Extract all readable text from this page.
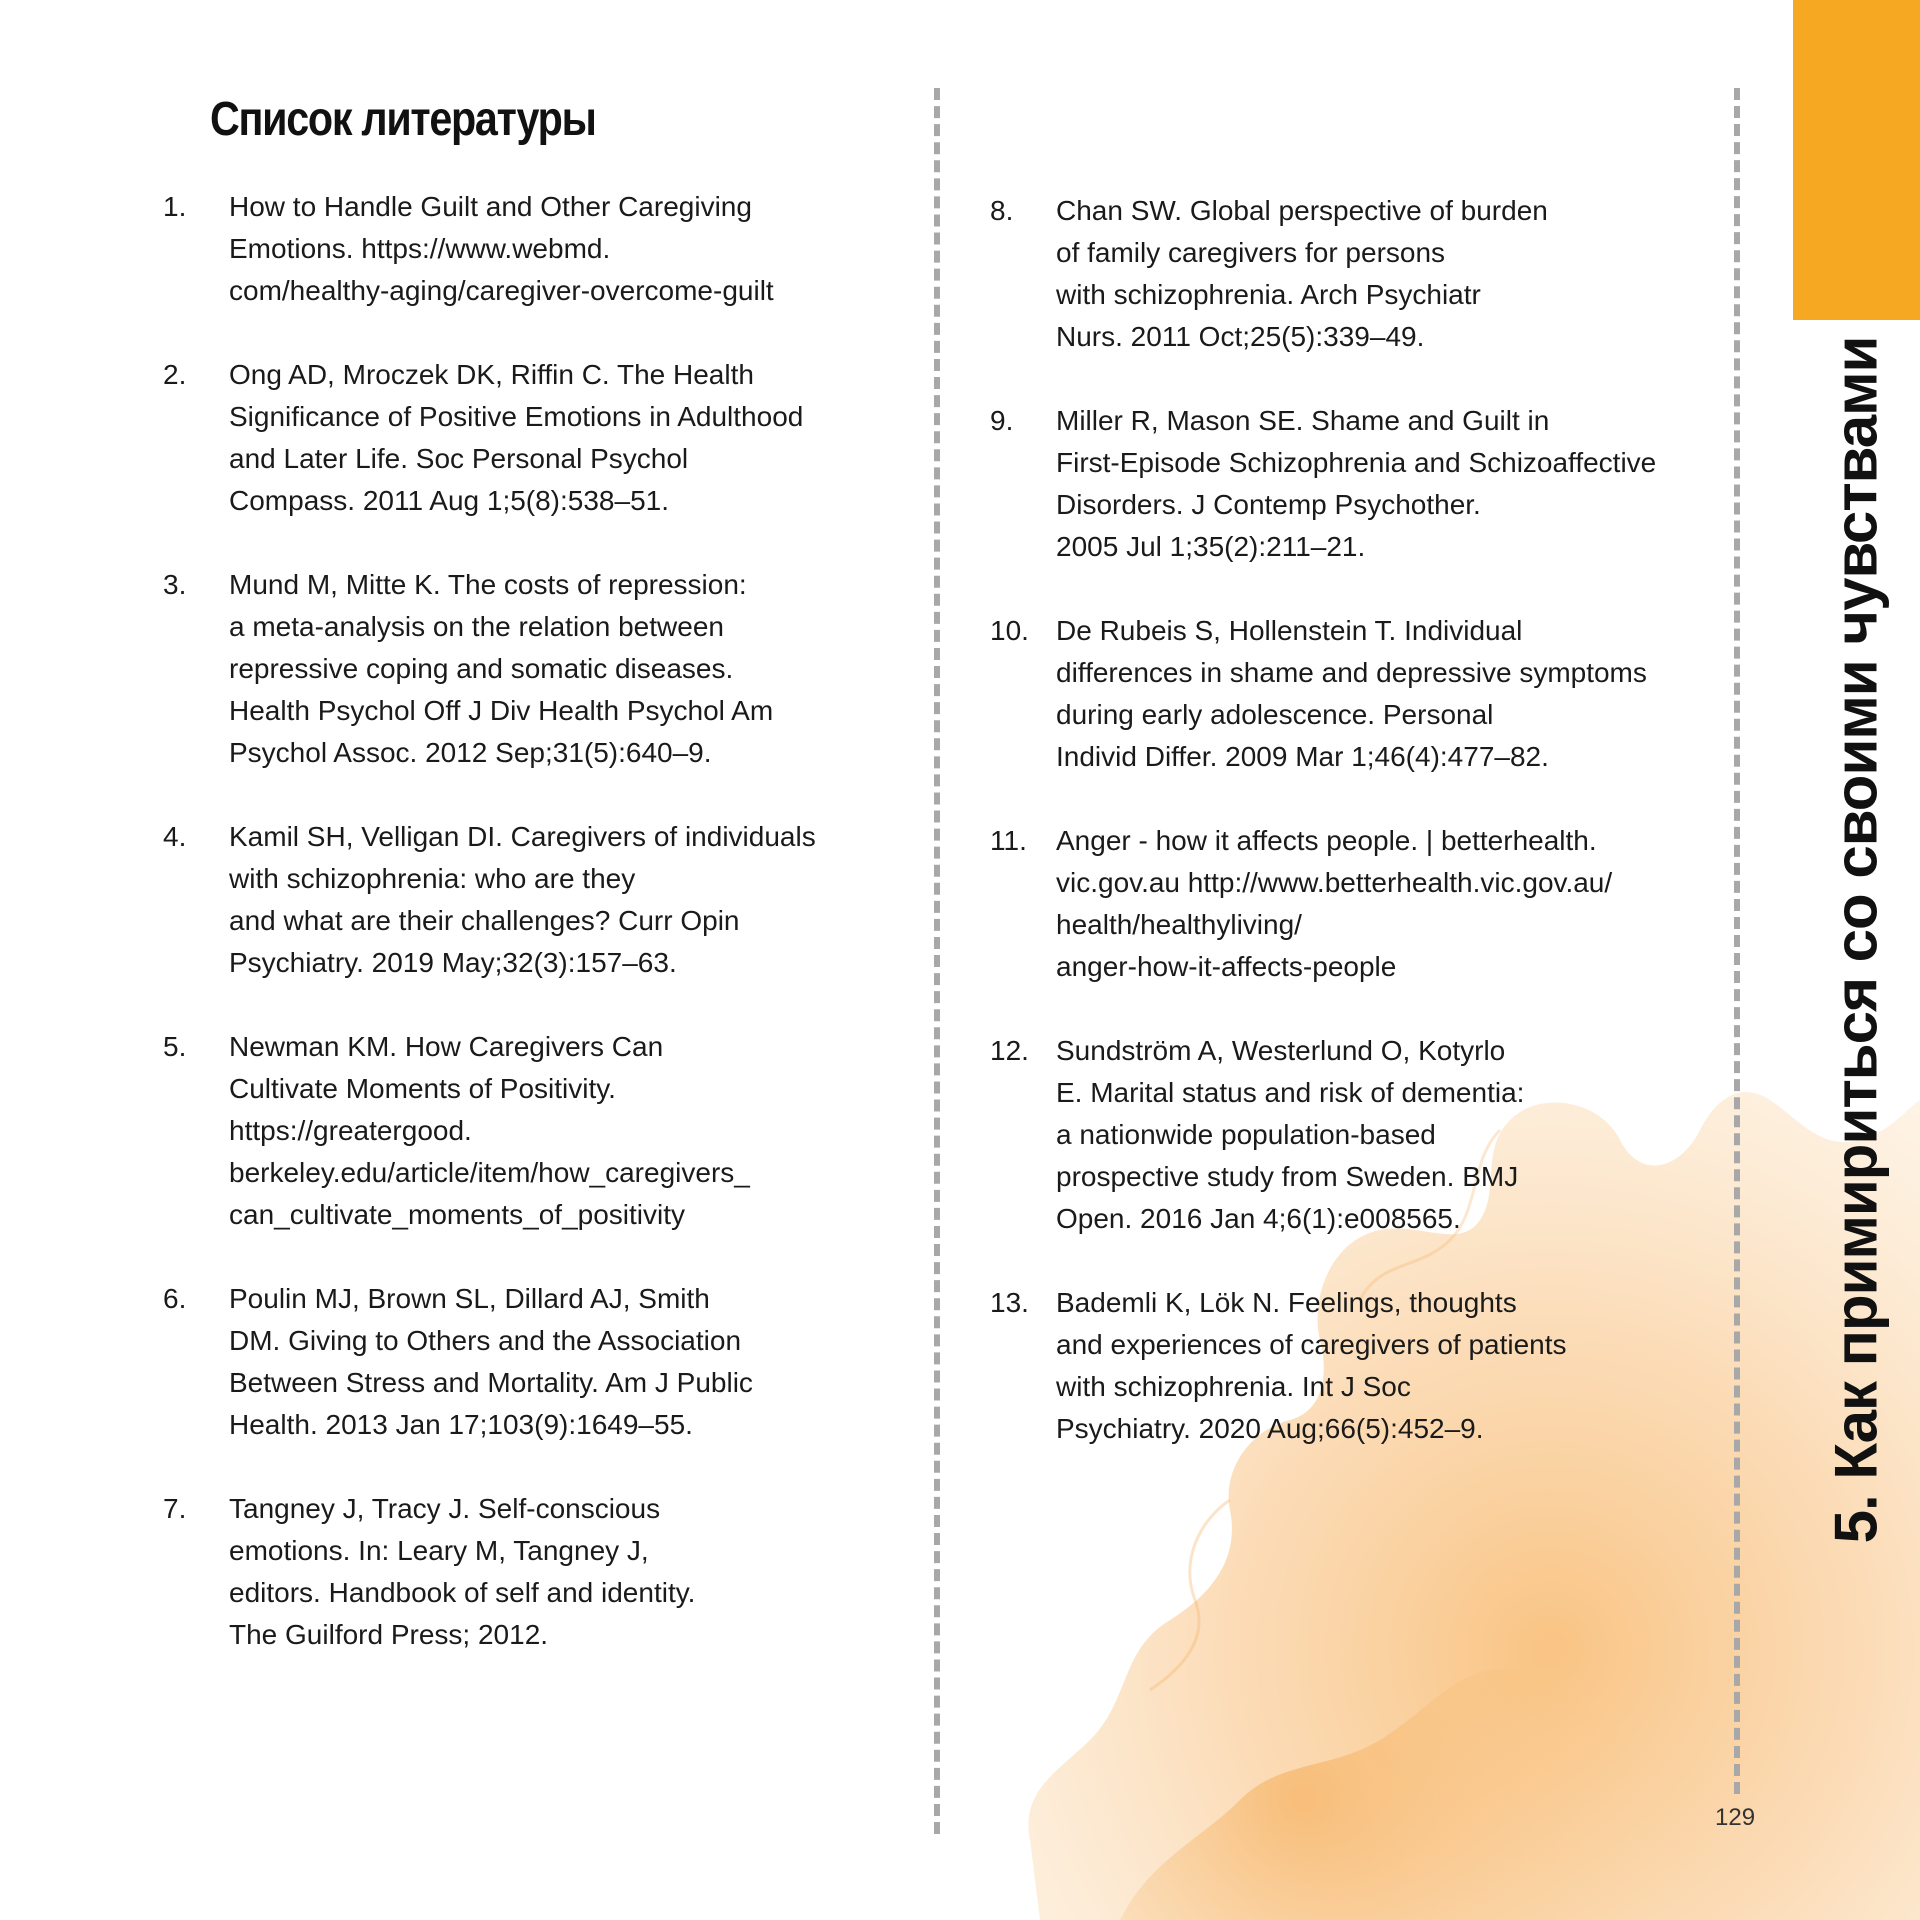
Список литературы
1.	How to Handle Guilt and Other Caregiving
Emotions. https://www.webmd.
com/healthy-aging/caregiver-overcome-guilt
2.	Ong AD, Mroczek DK, Riffin C. The Health
Significance of Positive Emotions in Adulthood
and Later Life. Soc Personal Psychol
Compass. 2011 Aug 1;5(8):538–51.
3.	Mund M, Mitte K. The costs of repression:
a meta-analysis on the relation between
repressive coping and somatic diseases.
Health Psychol Off J Div Health Psychol Am
Psychol Assoc. 2012 Sep;31(5):640–9.
4.	Kamil SH, Velligan DI. Caregivers of individuals
with schizophrenia: who are they
and what are their challenges? Curr Opin
Psychiatry. 2019 May;32(3):157–63.
5.	Newman KM. How Caregivers Can
Cultivate Moments of Positivity.
https://greatergood.
berkeley.edu/article/item/how_caregivers_
can_cultivate_moments_of_positivity
6.	Poulin MJ, Brown SL, Dillard AJ, Smith
DM. Giving to Others and the Association
Between Stress and Mortality. Am J Public
Health. 2013 Jan 17;103(9):1649–55.
7.	Tangney J, Tracy J. Self-conscious
emotions. In: Leary M, Tangney J,
editors. Handbook of self and identity.
The Guilford Press; 2012.
8.	Chan SW. Global perspective of burden
of family caregivers for persons
with schizophrenia. Arch Psychiatr
Nurs. 2011 Oct;25(5):339–49.
9.	Miller R, Mason SE. Shame and Guilt in
First-Episode Schizophrenia and Schizoaffective
Disorders. J Contemp Psychother.
2005 Jul 1;35(2):211–21.
10. De Rubeis S, Hollenstein T. Individual
differences in shame and depressive symptoms
during early adolescence. Personal
Individ Differ. 2009 Mar 1;46(4):477–82.
11.	Anger - how it affects people. | betterhealth.
vic.gov.au http://www.betterhealth.vic.gov.au/
health/healthyliving/
anger-how-it-affects-people
12. Sundström A, Westerlund O, Kotyrlo
E. Marital status and risk of dementia:
a nationwide population-based
prospective study from Sweden. BMJ
Open. 2016 Jan 4;6(1):e008565.
13. Bademli K, Lök N. Feelings, thoughts
and experiences of caregivers of patients
with schizophrenia. Int J Soc
Psychiatry. 2020 Aug;66(5):452–9.	5. Как примириться со своими чувствами
129
